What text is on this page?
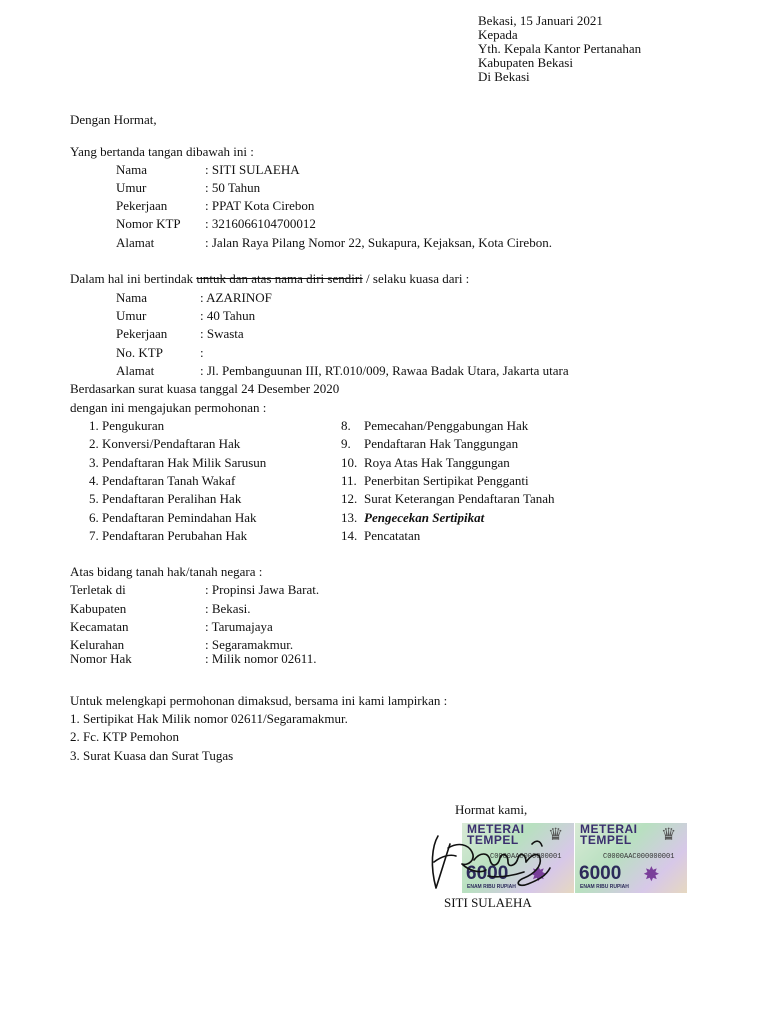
Bekasi, 15 Januari 2021
Kepada
Yth. Kepala Kantor Pertanahan
Kabupaten Bekasi
Di Bekasi
Dengan Hormat,
Yang bertanda tangan dibawah ini :
Nama	: SITI SULAEHA
Umur	: 50 Tahun
Pekerjaan	: PPAT Kota Cirebon
Nomor KTP : 3216066104700012
Alamat	: Jalan Raya Pilang Nomor 22, Sukapura, Kejaksan, Kota Cirebon.
Dalam hal ini bertindak untuk dan atas nama diri sendiri / selaku kuasa dari :
Nama	: AZARINOF
Umur	: 40 Tahun
Pekerjaan	: Swasta
No. KTP	:
Alamat	: Jl. Pembanguunan III, RT.010/009, Rawaa Badak Utara, Jakarta utara
Berdasarkan surat kuasa tanggal 24 Desember 2020
dengan ini mengajukan permohonan :
1. Pengukuran
2. Konversi/Pendaftaran Hak
3. Pendaftaran Hak Milik Sarusun
4. Pendaftaran Tanah Wakaf
5. Pendaftaran Peralihan Hak
6. Pendaftaran Pemindahan Hak
7. Pendaftaran Perubahan Hak
8. Pemecahan/Penggabungan Hak
9. Pendaftaran Hak Tanggungan
10. Roya Atas Hak Tanggungan
11. Penerbitan Sertipikat Pengganti
12. Surat Keterangan Pendaftaran Tanah
13. Pengecekan Sertipikat
14. Pencatatan
Atas bidang tanah hak/tanah negara :
Terletak di	: Propinsi Jawa Barat.
Kabupaten	: Bekasi.
Kecamatan	: Tarumajaya
Kelurahan	: Segaramakmur.
Nomor Hak	: Milik nomor 02611.
Untuk melengkapi permohonan dimaksud, bersama ini kami lampirkan :
1. Sertipikat Hak Milik nomor 02611/Segaramakmur.
2. Fc. KTP Pemohon
3. Surat Kuasa dan Surat Tugas
Hormat kami,
METERAI
TEMPEL	♛
C0000AAC000000001
6000 ✸
ENAM RIBU RUPIAH
METERAI
TEMPEL	♛
C0000AAC000000001
6000 ✸
ENAM RIBU RUPIAH
SITI SULAEHA
